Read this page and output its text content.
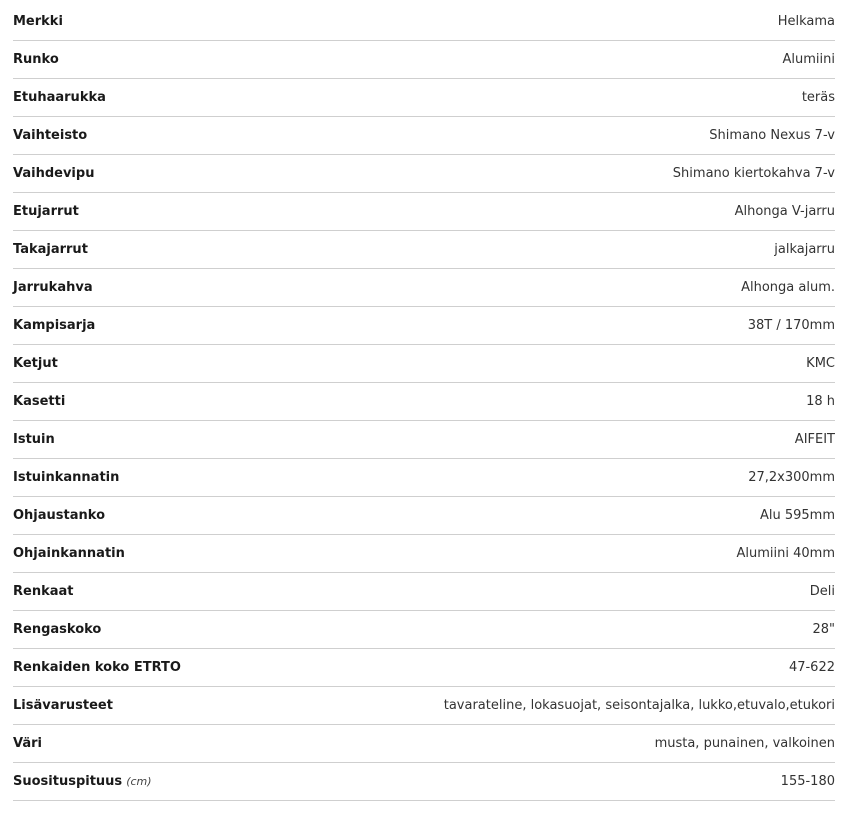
Merkki	Helkama
Runko	Alumiini
Etuhaarukka	teräs
Vaihteisto	Shimano Nexus 7-v
Vaihdevipu	Shimano kiertokahva 7-v
Etujarrut	Alhonga V-jarru
Takajarrut	jalkajarru
Jarrukahva	Alhonga alum.
Kampisarja	38T / 170mm
Ketjut	KMC
Kasetti	18 h
Istuin	AIFEIT
Istuinkannatin	27,2x300mm
Ohjaustanko	Alu 595mm
Ohjainkannatin	Alumiini 40mm
Renkaat	Deli
Rengaskoko	28"
Renkaiden koko ETRTO	47-622
Lisävarusteet	tavarateline, lokasuojat, seisontajalka, lukko,etuvalo,etukori
Väri	musta, punainen, valkoinen
Suosituspituus (cm)	155-180
